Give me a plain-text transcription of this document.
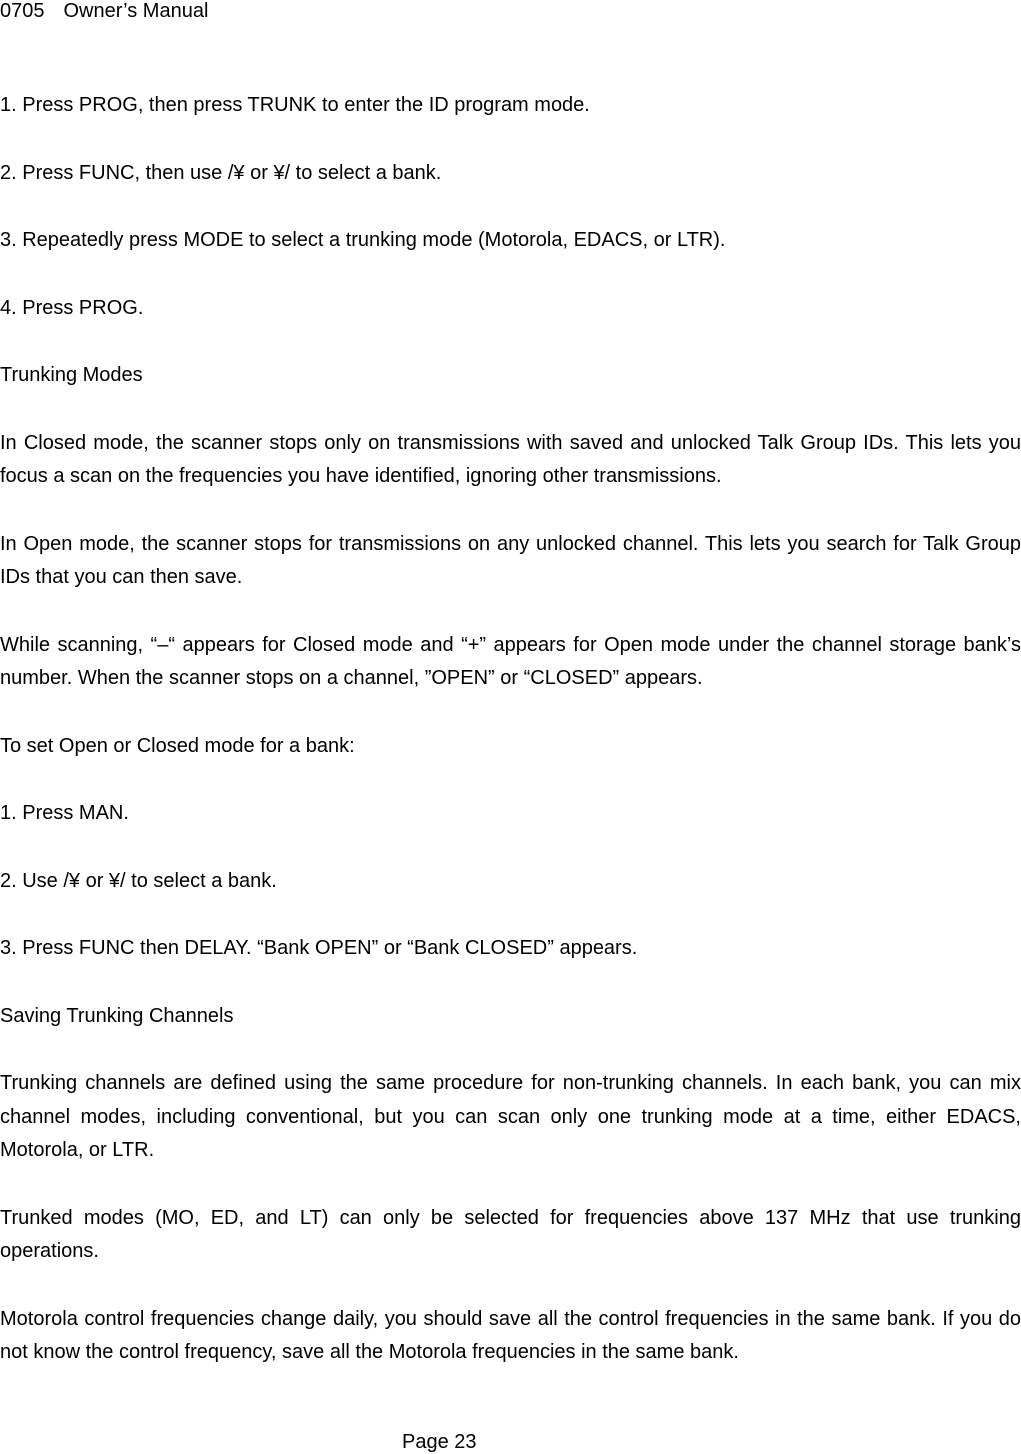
0705 Owner’s Manual

1. Press PROG, then press TRUNK to enter the ID program mode.

2. Press FUNC, then use /¥ or ¥/ to select a bank.

3. Repeatedly press MODE to select a trunking mode (Motorola, EDACS, or LTR).

4. Press PROG.

Trunking Modes

In Closed mode, the scanner stops only on transmissions with saved and unlocked Talk Group IDs. This lets you focus a scan on the frequencies you have identified, ignoring other transmissions.

In Open mode, the scanner stops for transmissions on any unlocked channel. This lets you search for Talk Group IDs that you can then save.

While scanning, “–“ appears for Closed mode and “+” appears for Open mode under the channel storage bank’s number. When the scanner stops on a channel, ”OPEN” or “CLOSED” appears.

To set Open or Closed mode for a bank:

1. Press MAN.

2. Use /¥ or ¥/ to select a bank.

3. Press FUNC then DELAY. “Bank OPEN” or “Bank CLOSED” appears.

Saving Trunking Channels

Trunking channels are defined using the same procedure for non-trunking channels. In each bank, you can mix channel modes, including conventional, but you can scan only one trunking mode at a time, either EDACS, Motorola, or LTR.

Trunked modes (MO, ED, and LT) can only be selected for frequencies above 137 MHz that use trunking operations.

Motorola control frequencies change daily, you should save all the control frequencies in the same bank. If you do not know the control frequency, save all the Motorola frequencies in the same bank.

Page 23
